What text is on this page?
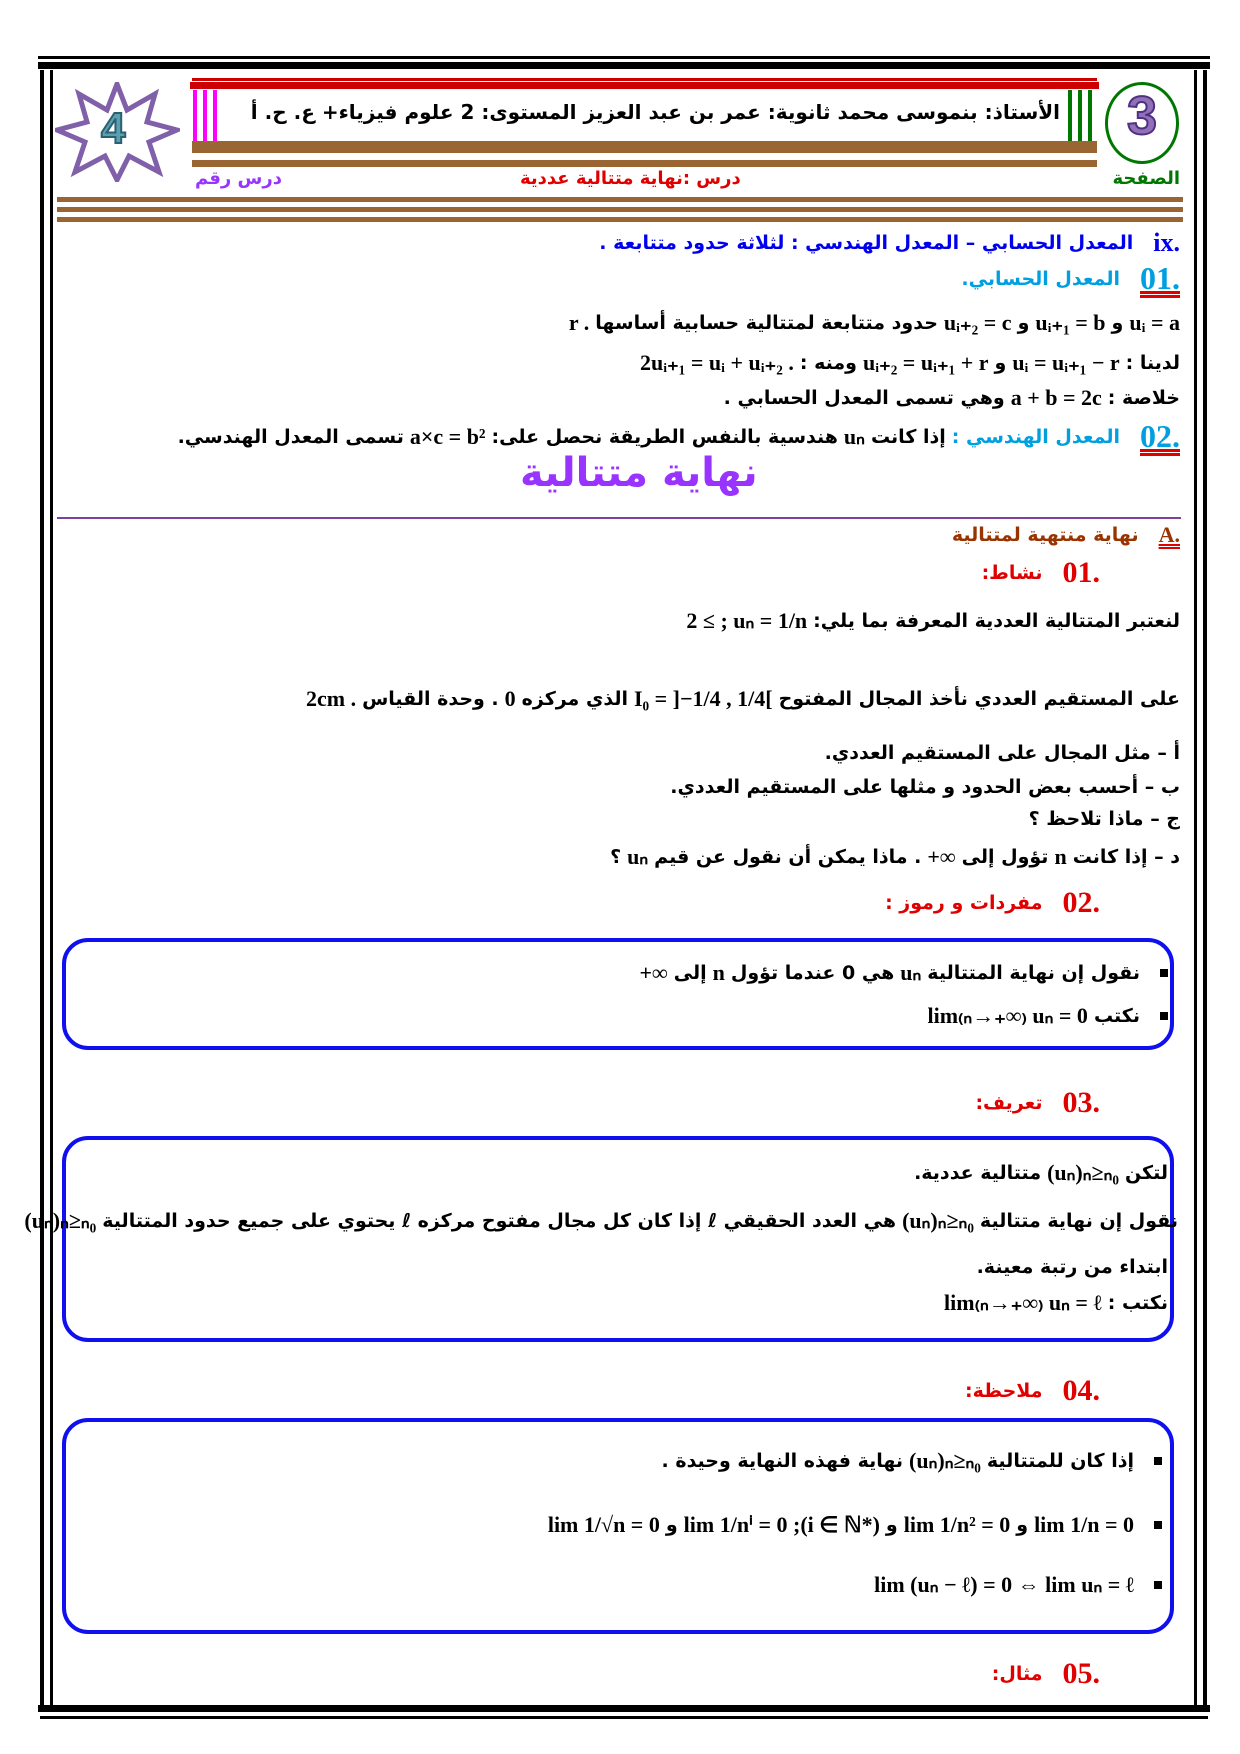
4	الأستاذ: بنموسى محمد ثانوية: عمر بن عبد العزيز المستوى: 2 علوم فيزياء+ ع. ح. أ	3
الصفحة
درس :نهاية متتالية عددية
درس رقم
نهاية متتالية
.ix
المعدل الحسابي – المعدل الهندسي : لثلاثة حدود متتابعة .
.01
المعدل الحسابي.
uᵢ = a
و
uᵢ₊₁ = b
و
uᵢ₊₂ = c
حدود متتابعة لمتتالية حسابية أساسها
r .
لدينا :
uᵢ = uᵢ₊₁ − r
و
uᵢ₊₂ = uᵢ₊₁ + r
ومنه :
2uᵢ₊₁ = uᵢ + uᵢ₊₂ .
خلاصة :
a + b = 2c
وهي تسمى المعدل الحسابي .
.02
المعدل الهندسي :
إذا كانت
uₙ
هندسية بالنفس الطريقة نحصل على:
a×c = b²
تسمى المعدل الهندسي.
.A
نهاية منتهية لمتتالية
.01
نشاط:
لنعتبر المتتالية العددية المعرفة بما يلي:
2 ≤ ; uₙ = 1/n
على المستقيم العددي نأخذ المجال المفتوح
I₀ = ]−1/4 , 1/4[
الذي مركزه
0
. وحدة القياس
2cm .
أ – مثل المجال على المستقيم العددي.
ب – أحسب بعض الحدود و مثلها على المستقيم العددي.
ج – ماذا تلاحظ ؟
د – إذا كانت
n
تؤول إلى
+∞
. ماذا يمكن أن نقول عن قيم
uₙ
؟
.02
مفردات و رموز :
نقول إن نهاية المتتالية
uₙ
هي 0 عندما تؤول
n
إلى
+∞
نكتب
lim₍ₙ→₊∞₎ uₙ = 0
.03
تعريف:
لتكن
(uₙ)ₙ≥ₙ₀
متتالية عددية.
نقول إن نهاية متتالية
(uₙ)ₙ≥ₙ₀
هي العدد الحقيقي ℓ إذا كان كل مجال مفتوح مركزه ℓ يحتوي على جميع حدود المتتالية
(uₙ)ₙ≥ₙ₀
ابتداء من رتبة معينة.
نكتب :
lim₍ₙ→₊∞₎ uₙ = ℓ
.04
ملاحظة:
إذا كان للمتتالية
(uₙ)ₙ≥ₙ₀
نهاية فهذه النهاية وحيدة .
lim 1/n = 0
و
lim 1/n² = 0
و
lim 1/nⁱ = 0 ;(i ∈ ℕ*)
و
lim 1/√n = 0
lim (uₙ − ℓ) = 0 ⇔ lim uₙ = ℓ
.05
مثال:
